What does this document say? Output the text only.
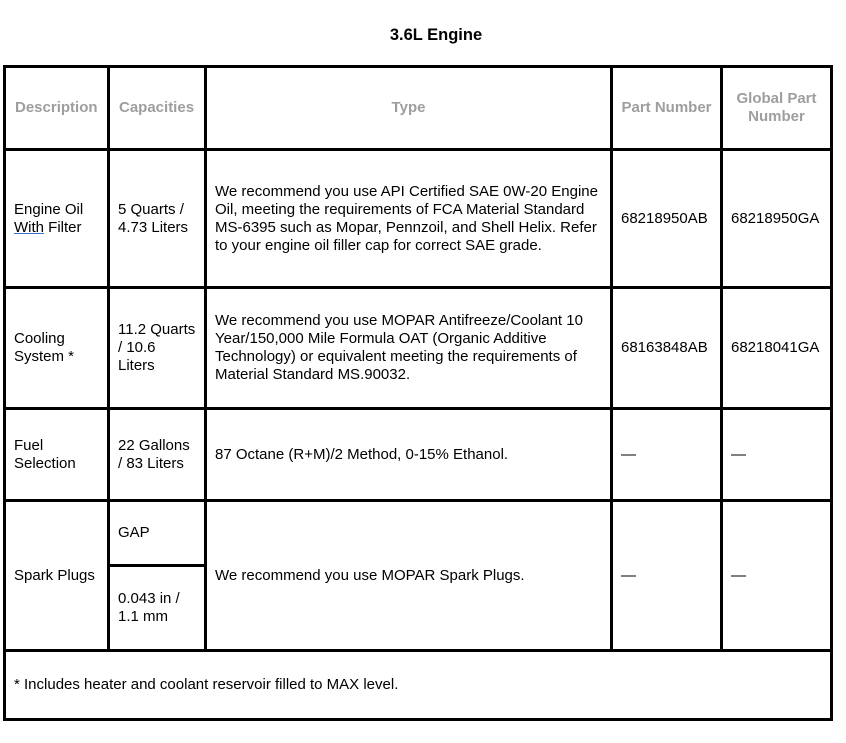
3.6L Engine
Description	Capacities	Type	Part Number	Global Part Number
Engine Oil
With Filter	5 Quarts / 4.73 Liters	We recommend you use API Certified SAE 0W-20 Engine Oil, meeting the requirements of FCA Material Standard MS-6395 such as Mopar, Pennzoil, and Shell Helix. Refer to your engine oil filler cap for correct SAE grade.	68218950AB	68218950GA
Cooling System *	11.2 Quarts / 10.6 Liters	We recommend you use MOPAR Antifreeze/Coolant 10 Year/150,000 Mile Formula OAT (Organic Additive Technology) or equivalent meeting the requirements of Material Standard MS.90032.	68163848AB	68218041GA
Fuel Selection	22 Gallons / 83 Liters	87 Octane (R+M)/2 Method, 0-15% Ethanol.	—	—
Spark Plugs	GAP	We recommend you use MOPAR Spark Plugs.	—	—
	0.043 in / 1.1 mm			
* Includes heater and coolant reservoir filled to MAX level.				
